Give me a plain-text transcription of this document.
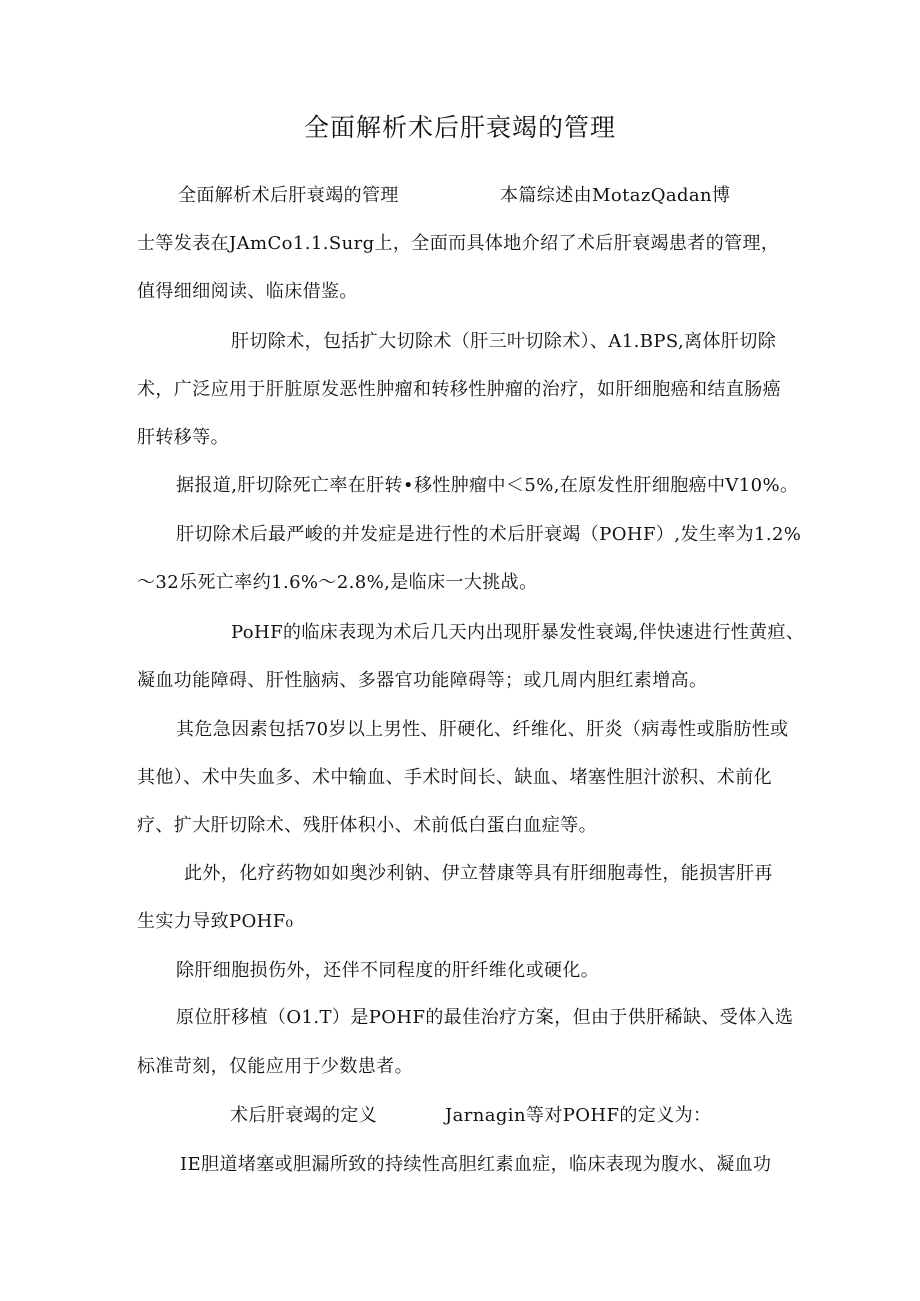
全面解析术后肝衰竭的管理

全面解析术后肝衰竭的管理	本篇综述由MotazQadan博

士等发表在JAmCo1.1.Surg上，全面而具体地介绍了术后肝衰竭患者的管理，

值得细细阅读、临床借鉴。

肝切除术，包括扩大切除术（肝三叶切除术）、A1.BPS,离体肝切除

术，广泛应用于肝脏原发恶性肿瘤和转移性肿瘤的治疗，如肝细胞癌和结直肠癌

肝转移等。

据报道,肝切除死亡率在肝转•移性肿瘤中＜5%,在原发性肝细胞癌中V10%。

肝切除术后最严峻的并发症是进行性的术后肝衰竭（POHF）,发生率为1.2%

～32乐死亡率约1.6%～2.8%,是临床一大挑战。

PoHF的临床表现为术后几天内出现肝暴发性衰竭,伴快速进行性黄疸、

凝血功能障碍、肝性脑病、多器官功能障碍等；或几周内胆红素增高。

其危急因素包括70岁以上男性、肝硬化、纤维化、肝炎（病毒性或脂肪性或

其他）、术中失血多、术中输血、手术时间长、缺血、堵塞性胆汁淤积、术前化

疗、扩大肝切除术、残肝体积小、术前低白蛋白血症等。

此外，化疗药物如如奥沙利钠、伊立替康等具有肝细胞毒性，能损害肝再

生实力导致POHF₀

除肝细胞损伤外，还伴不同程度的肝纤维化或硬化。

原位肝移植（O1.T）是POHF的最佳治疗方案，但由于供肝稀缺、受体入选

标准苛刻，仅能应用于少数患者。

术后肝衰竭的定义	Jarnagin等对POHF的定义为：

IE胆道堵塞或胆漏所致的持续性高胆红素血症，临床表现为腹水、凝血功
